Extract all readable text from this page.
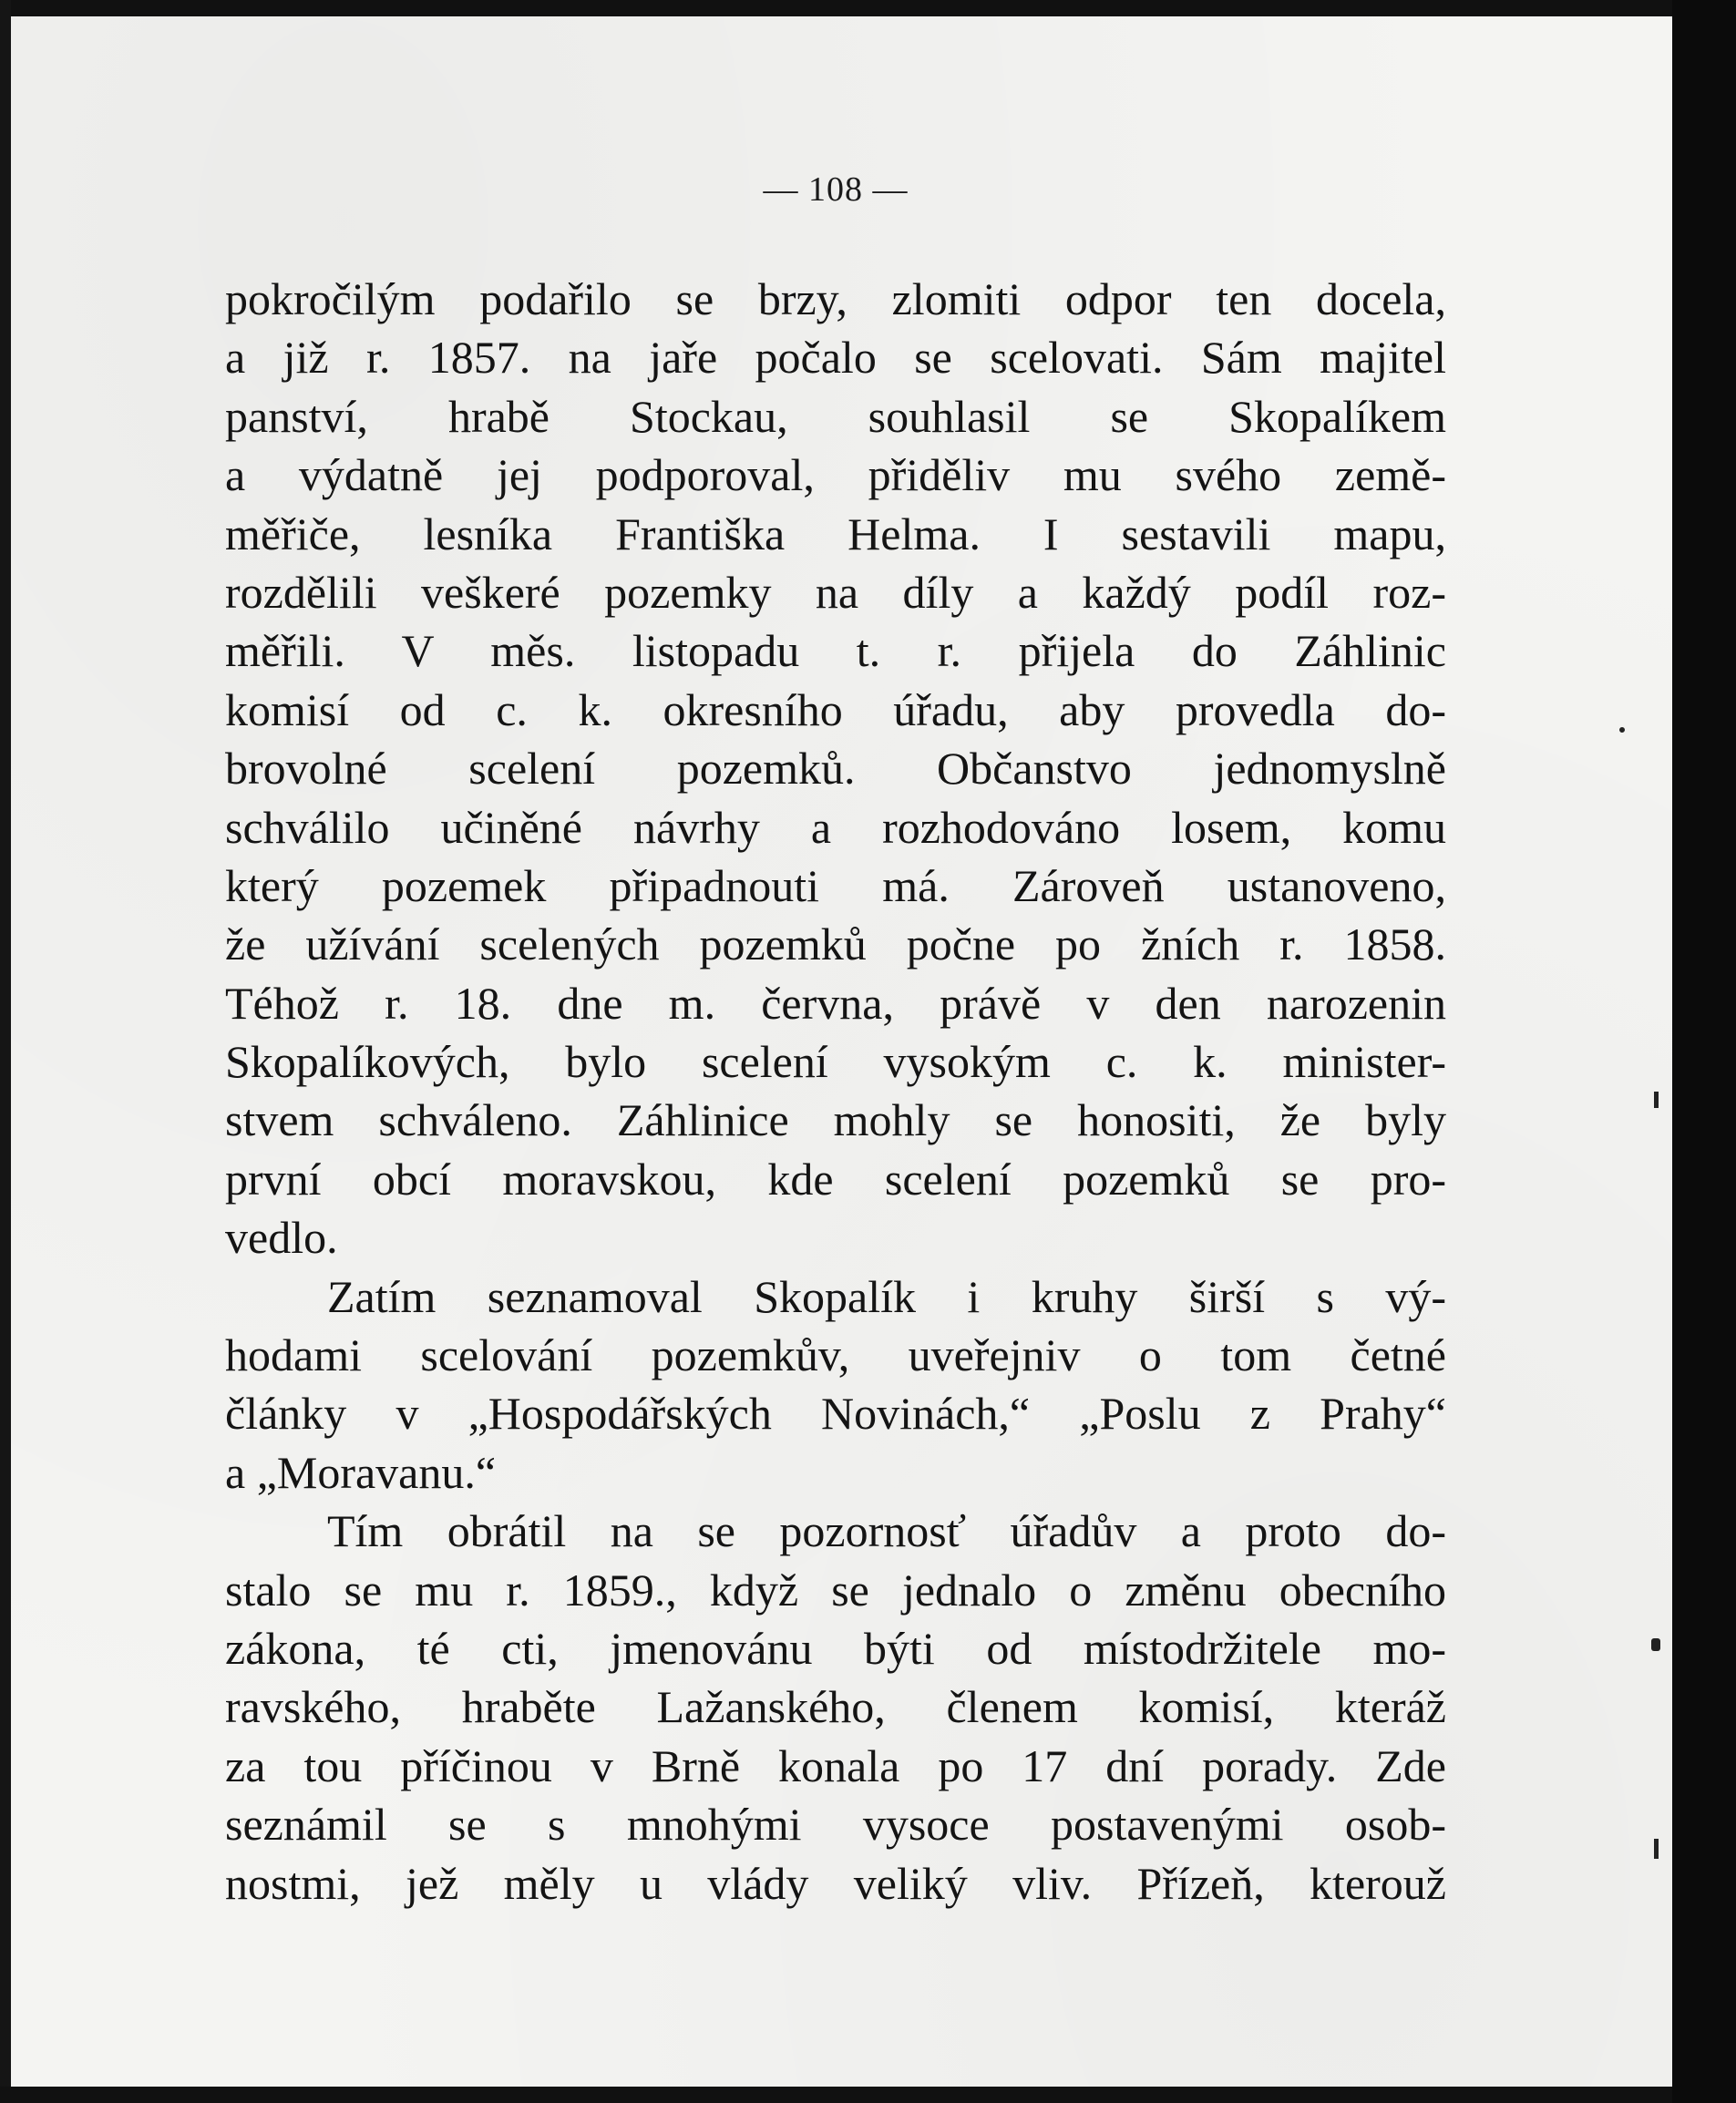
— 108 —
pokročilým podařilo se brzy, zlomiti odpor ten docela,
a již r. 1857. na jaře počalo se scelovati. Sám majitel
panství, hrabě Stockau, souhlasil se Skopalíkem
a výdatně jej podporoval, přiděliv mu svého země-
měřiče, lesníka Františka Helma. I sestavili mapu,
rozdělili veškeré pozemky na díly a každý podíl roz-
měřili. V měs. listopadu t. r. přijela do Záhlinic
komisí od c. k. okresního úřadu, aby provedla do-
brovolné scelení pozemků. Občanstvo jednomyslně
schválilo učiněné návrhy a rozhodováno losem, komu
který pozemek připadnouti má. Zároveň ustanoveno,
že užívání scelených pozemků počne po žních r. 1858.
Téhož r. 18. dne m. června, právě v den narozenin
Skopalíkových, bylo scelení vysokým c. k. minister-
stvem schváleno. Záhlinice mohly se honositi, že byly
první obcí moravskou, kde scelení pozemků se pro-
vedlo.
Zatím seznamoval Skopalík i kruhy širší s vý-
hodami scelování pozemkův, uveřejniv o tom četné
články v „Hospodářských Novinách,“ „Poslu z Prahy“
a „Moravanu.“
Tím obrátil na se pozornosť úřadův a proto do-
stalo se mu r. 1859., když se jednalo o změnu obecního
zákona, té cti, jmenovánu býti od místodržitele mo-
ravského, hraběte Lažanského, členem komisí, kteráž
za tou příčinou v Brně konala po 17 dní porady. Zde
seznámil se s mnohými vysoce postavenými osob-
nostmi, jež měly u vlády veliký vliv. Přízeň, kterouž
